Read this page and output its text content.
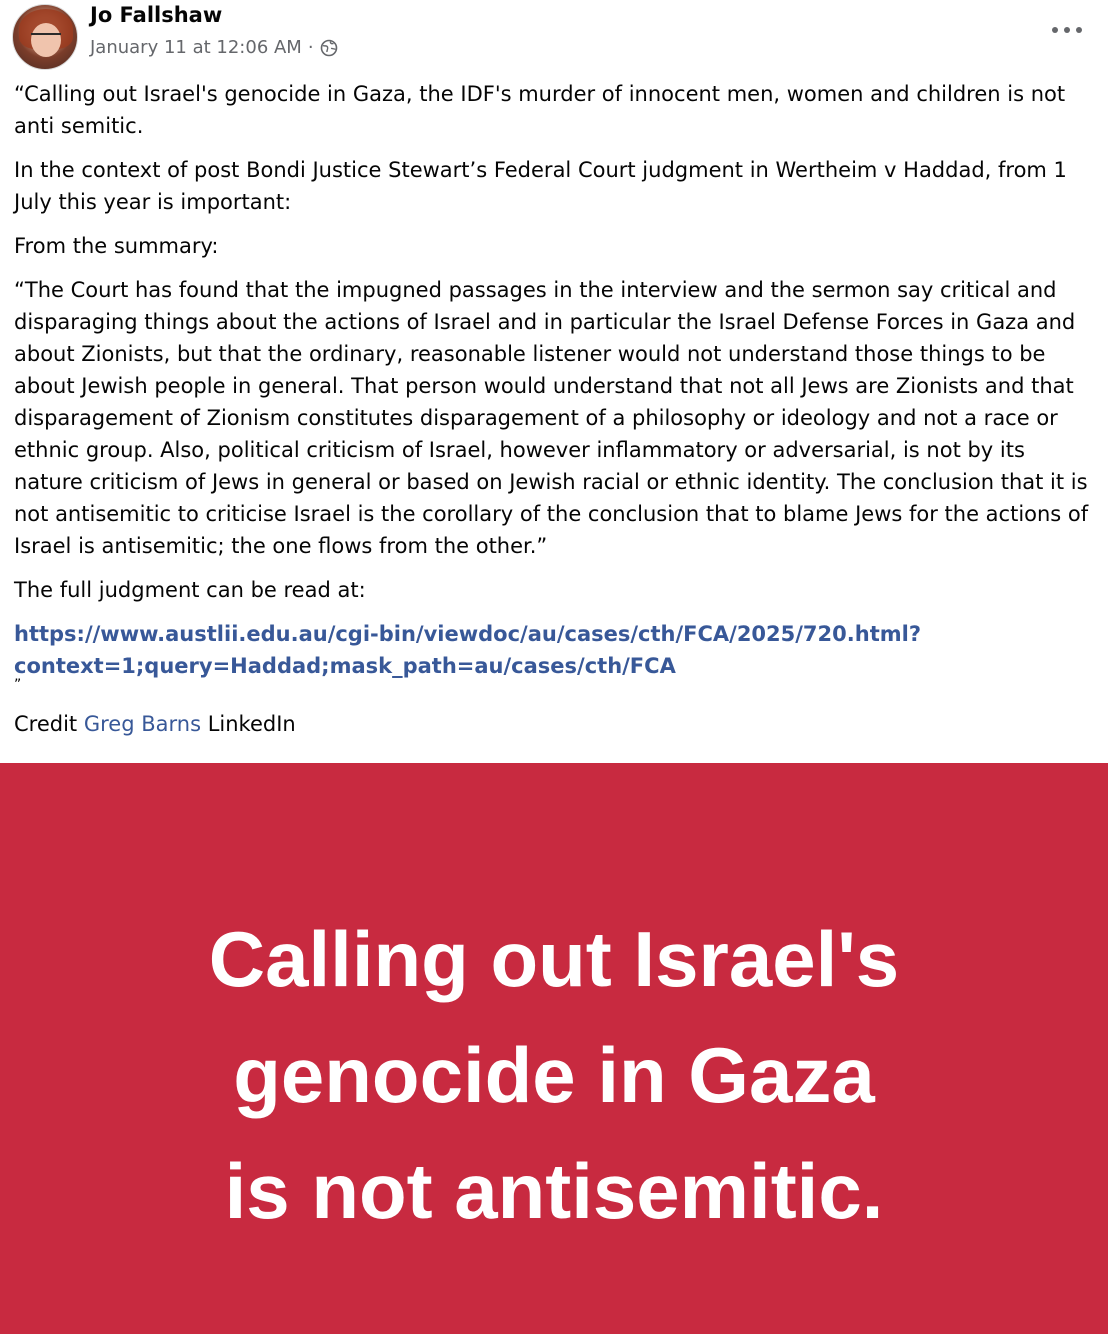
Jo Fallshaw
January 11 at 12:06 AM ·

“Calling out Israel's genocide in Gaza, the IDF's murder of innocent men, women and children is not anti semitic.

In the context of post Bondi Justice Stewart’s Federal Court judgment in Wertheim v Haddad, from 1 July this year is important:

From the summary:

“The Court has found that the impugned passages in the interview and the sermon say critical and disparaging things about the actions of Israel and in particular the Israel Defense Forces in Gaza and about Zionists, but that the ordinary, reasonable listener would not understand those things to be about Jewish people in general. That person would understand that not all Jews are Zionists and that disparagement of Zionism constitutes disparagement of a philosophy or ideology and not a race or ethnic group. Also, political criticism of Israel, however inflammatory or adversarial, is not by its nature criticism of Jews in general or based on Jewish racial or ethnic identity. The conclusion that it is not antisemitic to criticise Israel is the corollary of the conclusion that to blame Jews for the actions of Israel is antisemitic; the one flows from the other.”

The full judgment can be read at:

https://www.austlii.edu.au/cgi-bin/viewdoc/au/cases/cth/FCA/2025/720.html?
context=1;query=Haddad;mask_path=au/cases/cth/FCA

”

Credit Greg Barns LinkedIn

Calling out Israel's
genocide in Gaza
is not antisemitic.
